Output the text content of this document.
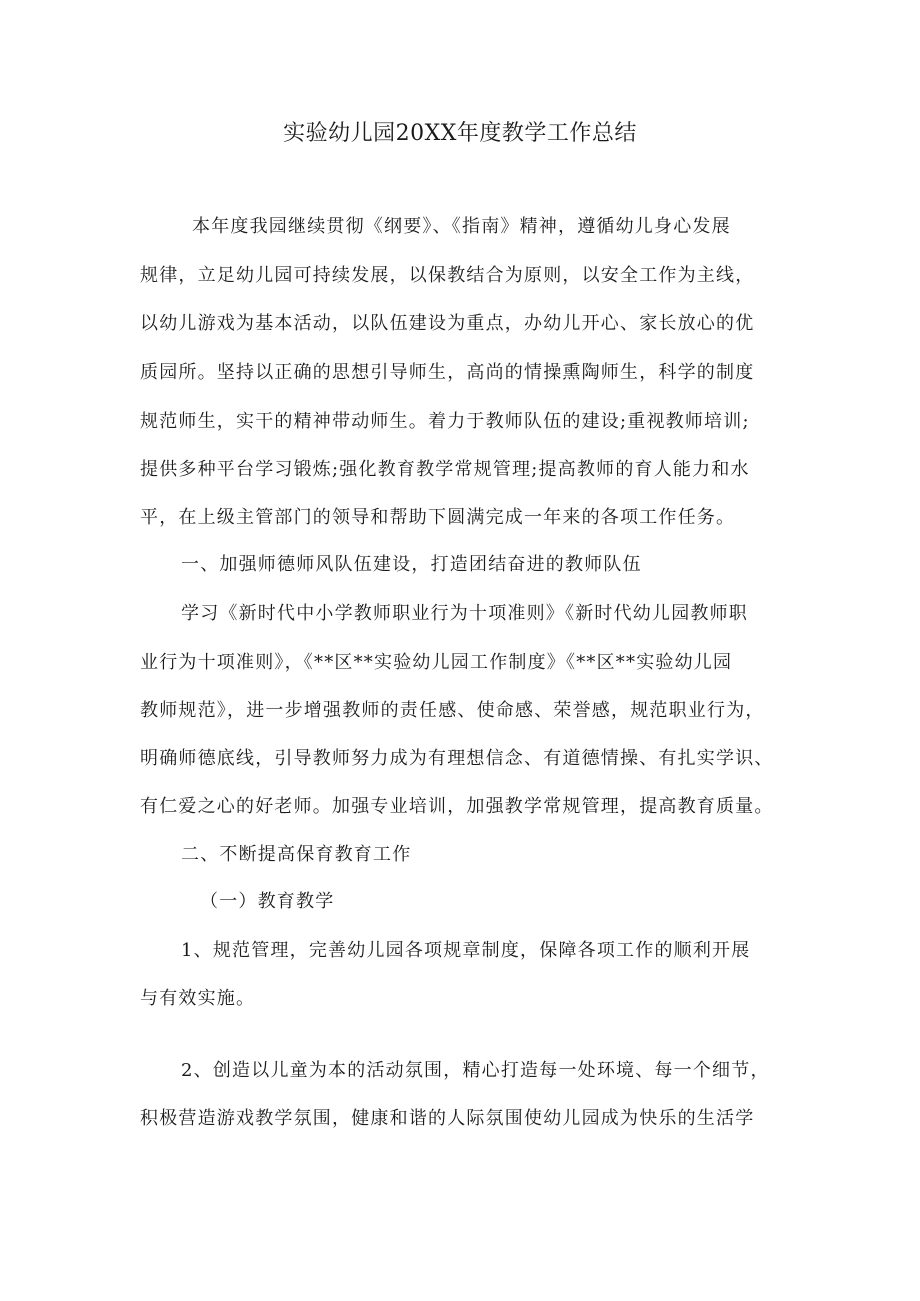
实验幼儿园20XX年度教学工作总结
本年度我园继续贯彻《纲要》、《指南》精神，遵循幼儿身心发展
规律，立足幼儿园可持续发展，以保教结合为原则，以安全工作为主线，
以幼儿游戏为基本活动，以队伍建设为重点，办幼儿开心、家长放心的优
质园所。坚持以正确的思想引导师生，高尚的情操熏陶师生，科学的制度
规范师生，实干的精神带动师生。着力于教师队伍的建设;重视教师培训;
提供多种平台学习锻炼;强化教育教学常规管理;提高教师的育人能力和水
平，在上级主管部门的领导和帮助下圆满完成一年来的各项工作任务。
一、加强师德师风队伍建设，打造团结奋进的教师队伍
学习《新时代中小学教师职业行为十项准则》《新时代幼儿园教师职
业行为十项准则》，《**区**实验幼儿园工作制度》《**区**实验幼儿园
教师规范》，进一步增强教师的责任感、使命感、荣誉感，规范职业行为，
明确师德底线，引导教师努力成为有理想信念、有道德情操、有扎实学识、
有仁爱之心的好老师。加强专业培训，加强教学常规管理，提高教育质量。
二、不断提高保育教育工作
（一）教育教学
1、规范管理，完善幼儿园各项规章制度，保障各项工作的顺利开展
与有效实施。
2、创造以儿童为本的活动氛围，精心打造每一处环境、每一个细节，
积极营造游戏教学氛围，健康和谐的人际氛围使幼儿园成为快乐的生活学
